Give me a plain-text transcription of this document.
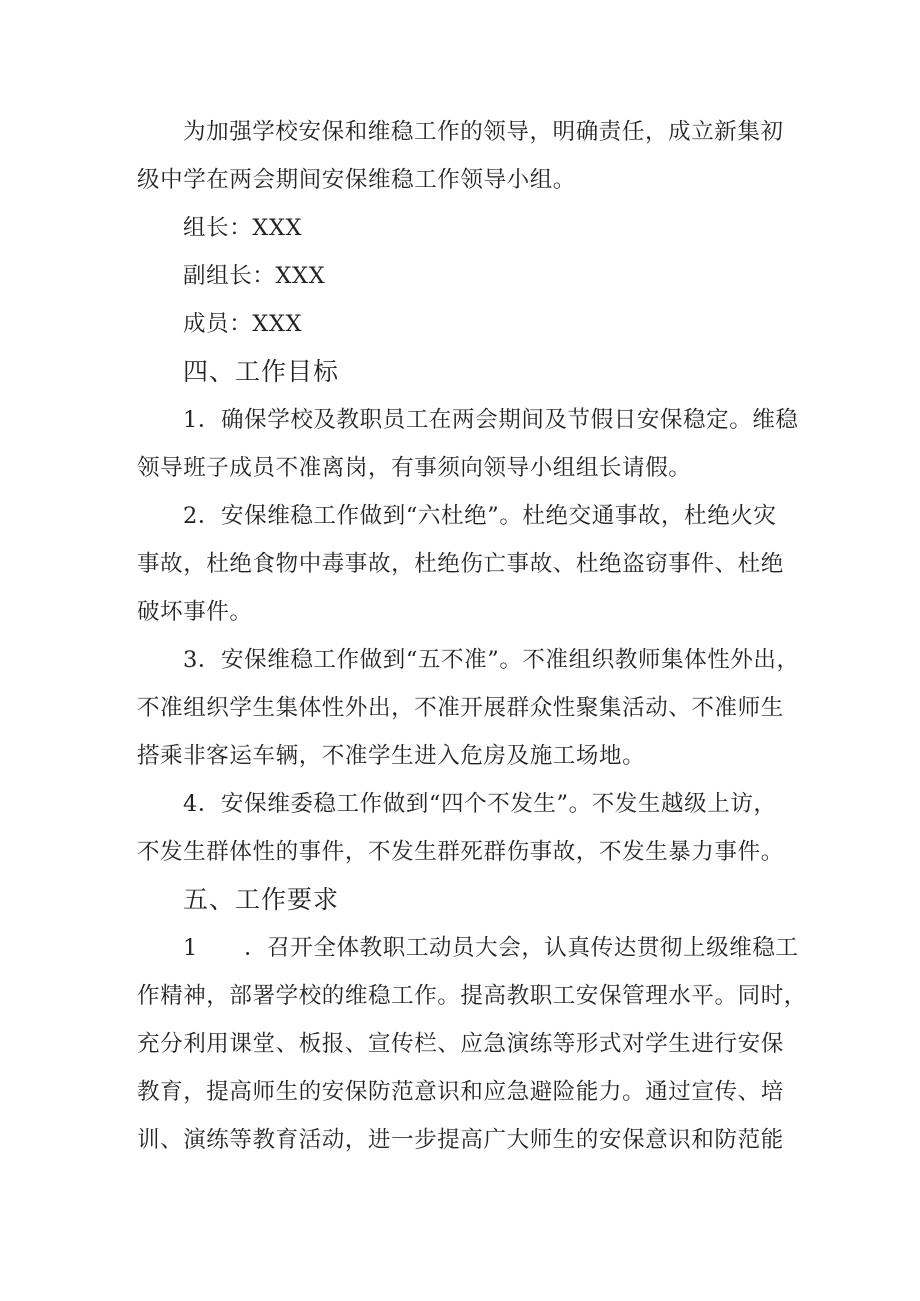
为加强学校安保和维稳工作的领导，明确责任，成立新集初
级中学在两会期间安保维稳工作领导小组。
组长：XXX
副组长：XXX
成员：XXX
四、工作目标
1．确保学校及教职员工在两会期间及节假日安保稳定。维稳
领导班子成员不准离岗，有事须向领导小组组长请假。
2．安保维稳工作做到“六杜绝”。杜绝交通事故，杜绝火灾
事故，杜绝食物中毒事故，杜绝伤亡事故、杜绝盗窃事件、杜绝
破坏事件。
3．安保维稳工作做到“五不准”。不准组织教师集体性外出，
不准组织学生集体性外出，不准开展群众性聚集活动、不准师生
搭乘非客运车辆，不准学生进入危房及施工场地。
4．安保维委稳工作做到“四个不发生”。不发生越级上访，
不发生群体性的事件，不发生群死群伤事故，不发生暴力事件。
五、工作要求
1　　．召开全体教职工动员大会，认真传达贯彻上级维稳工
作精神，部署学校的维稳工作。提高教职工安保管理水平。同时，
充分利用课堂、板报、宣传栏、应急演练等形式对学生进行安保
教育，提高师生的安保防范意识和应急避险能力。通过宣传、培
训、演练等教育活动，进一步提高广大师生的安保意识和防范能
